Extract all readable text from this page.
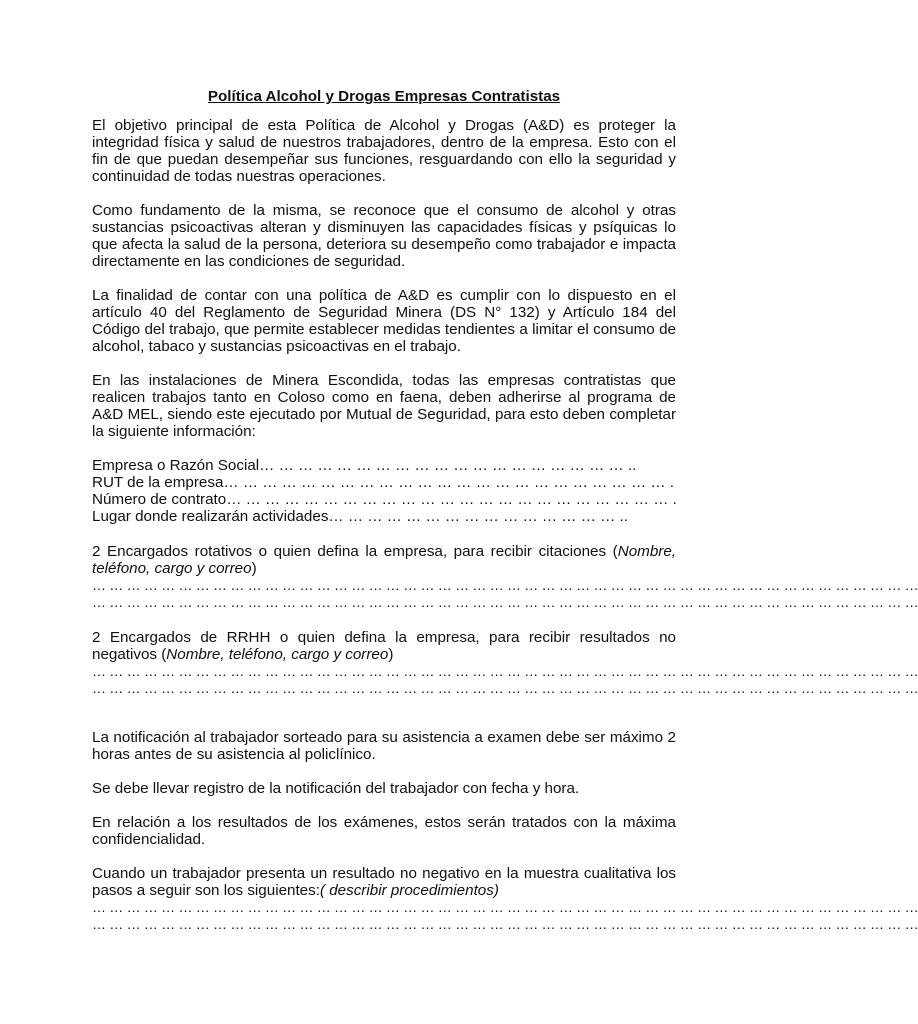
Política Alcohol y Drogas Empresas Contratistas

El objetivo principal de esta Política de Alcohol y Drogas (A&D) es proteger la integridad física y salud de nuestros trabajadores, dentro de la empresa. Esto con el fin de que puedan desempeñar sus funciones, resguardando con ello la seguridad y continuidad de todas nuestras operaciones.

Como fundamento de la misma, se reconoce que el consumo de alcohol y otras sustancias psicoactivas alteran y disminuyen las capacidades físicas y psíquicas lo que afecta la salud de la persona, deteriora su desempeño como trabajador e impacta directamente en las condiciones de seguridad.

La finalidad de contar con una política de A&D es cumplir con lo dispuesto en el artículo 40 del Reglamento de Seguridad Minera (DS N° 132) y Artículo 184 del Código del trabajo, que permite establecer medidas tendientes a limitar el consumo de alcohol, tabaco y sustancias psicoactivas en el trabajo.

En las instalaciones de Minera Escondida, todas las empresas contratistas que realicen trabajos tanto en Coloso como en faena, deben adherirse al programa de A&D MEL, siendo este ejecutado por Mutual de Seguridad, para esto deben completar la siguiente información:

Empresa o Razón Social… … … … … … … … … … … … … … … … … … … ..
RUT de la empresa… … … … … … … … … … … … … … … … … … … … … … … .
Número de contrato… … … … … … … … … … … … … … … … … … … … … … … .
Lugar donde realizarán actividades… … … … … … … … … … … … … … … ..

2 Encargados rotativos o quien defina la empresa, para recibir citaciones (Nombre, teléfono, cargo y correo)

… … … … … … … … … … … … … … … … … … … … … … … … … … … … … … … … … … … … … … … … … … … … … … … …
… … … … … … … … … … … … … … … … … … … … … … … … … … … … … … … … … … … … … … … … … … … … … … … …

2 Encargados de RRHH o quien defina la empresa, para recibir resultados no negativos (Nombre, teléfono, cargo y correo)

… … … … … … … … … … … … … … … … … … … … … … … … … … … … … … … … … … … … … … … … … … … … … … … …
… … … … … … … … … … … … … … … … … … … … … … … … … … … … … … … … … … … … … … … … … … … … … … … …

La notificación al trabajador sorteado para su asistencia a examen debe ser máximo 2 horas antes de su asistencia al policlínico.

Se debe llevar registro de la notificación del trabajador con fecha y hora.

En relación a los resultados de los exámenes, estos serán tratados con la máxima confidencialidad.

Cuando un trabajador presenta un resultado no negativo en la muestra cualitativa los pasos a seguir son los siguientes:( describir procedimientos)

… … … … … … … … … … … … … … … … … … … … … … … … … … … … … … … … … … … … … … … … … … … … … … … …
… … … … … … … … … … … … … … … … … … … … … … … … … … … … … … … … … … … … … … … … … … … … … … … …
